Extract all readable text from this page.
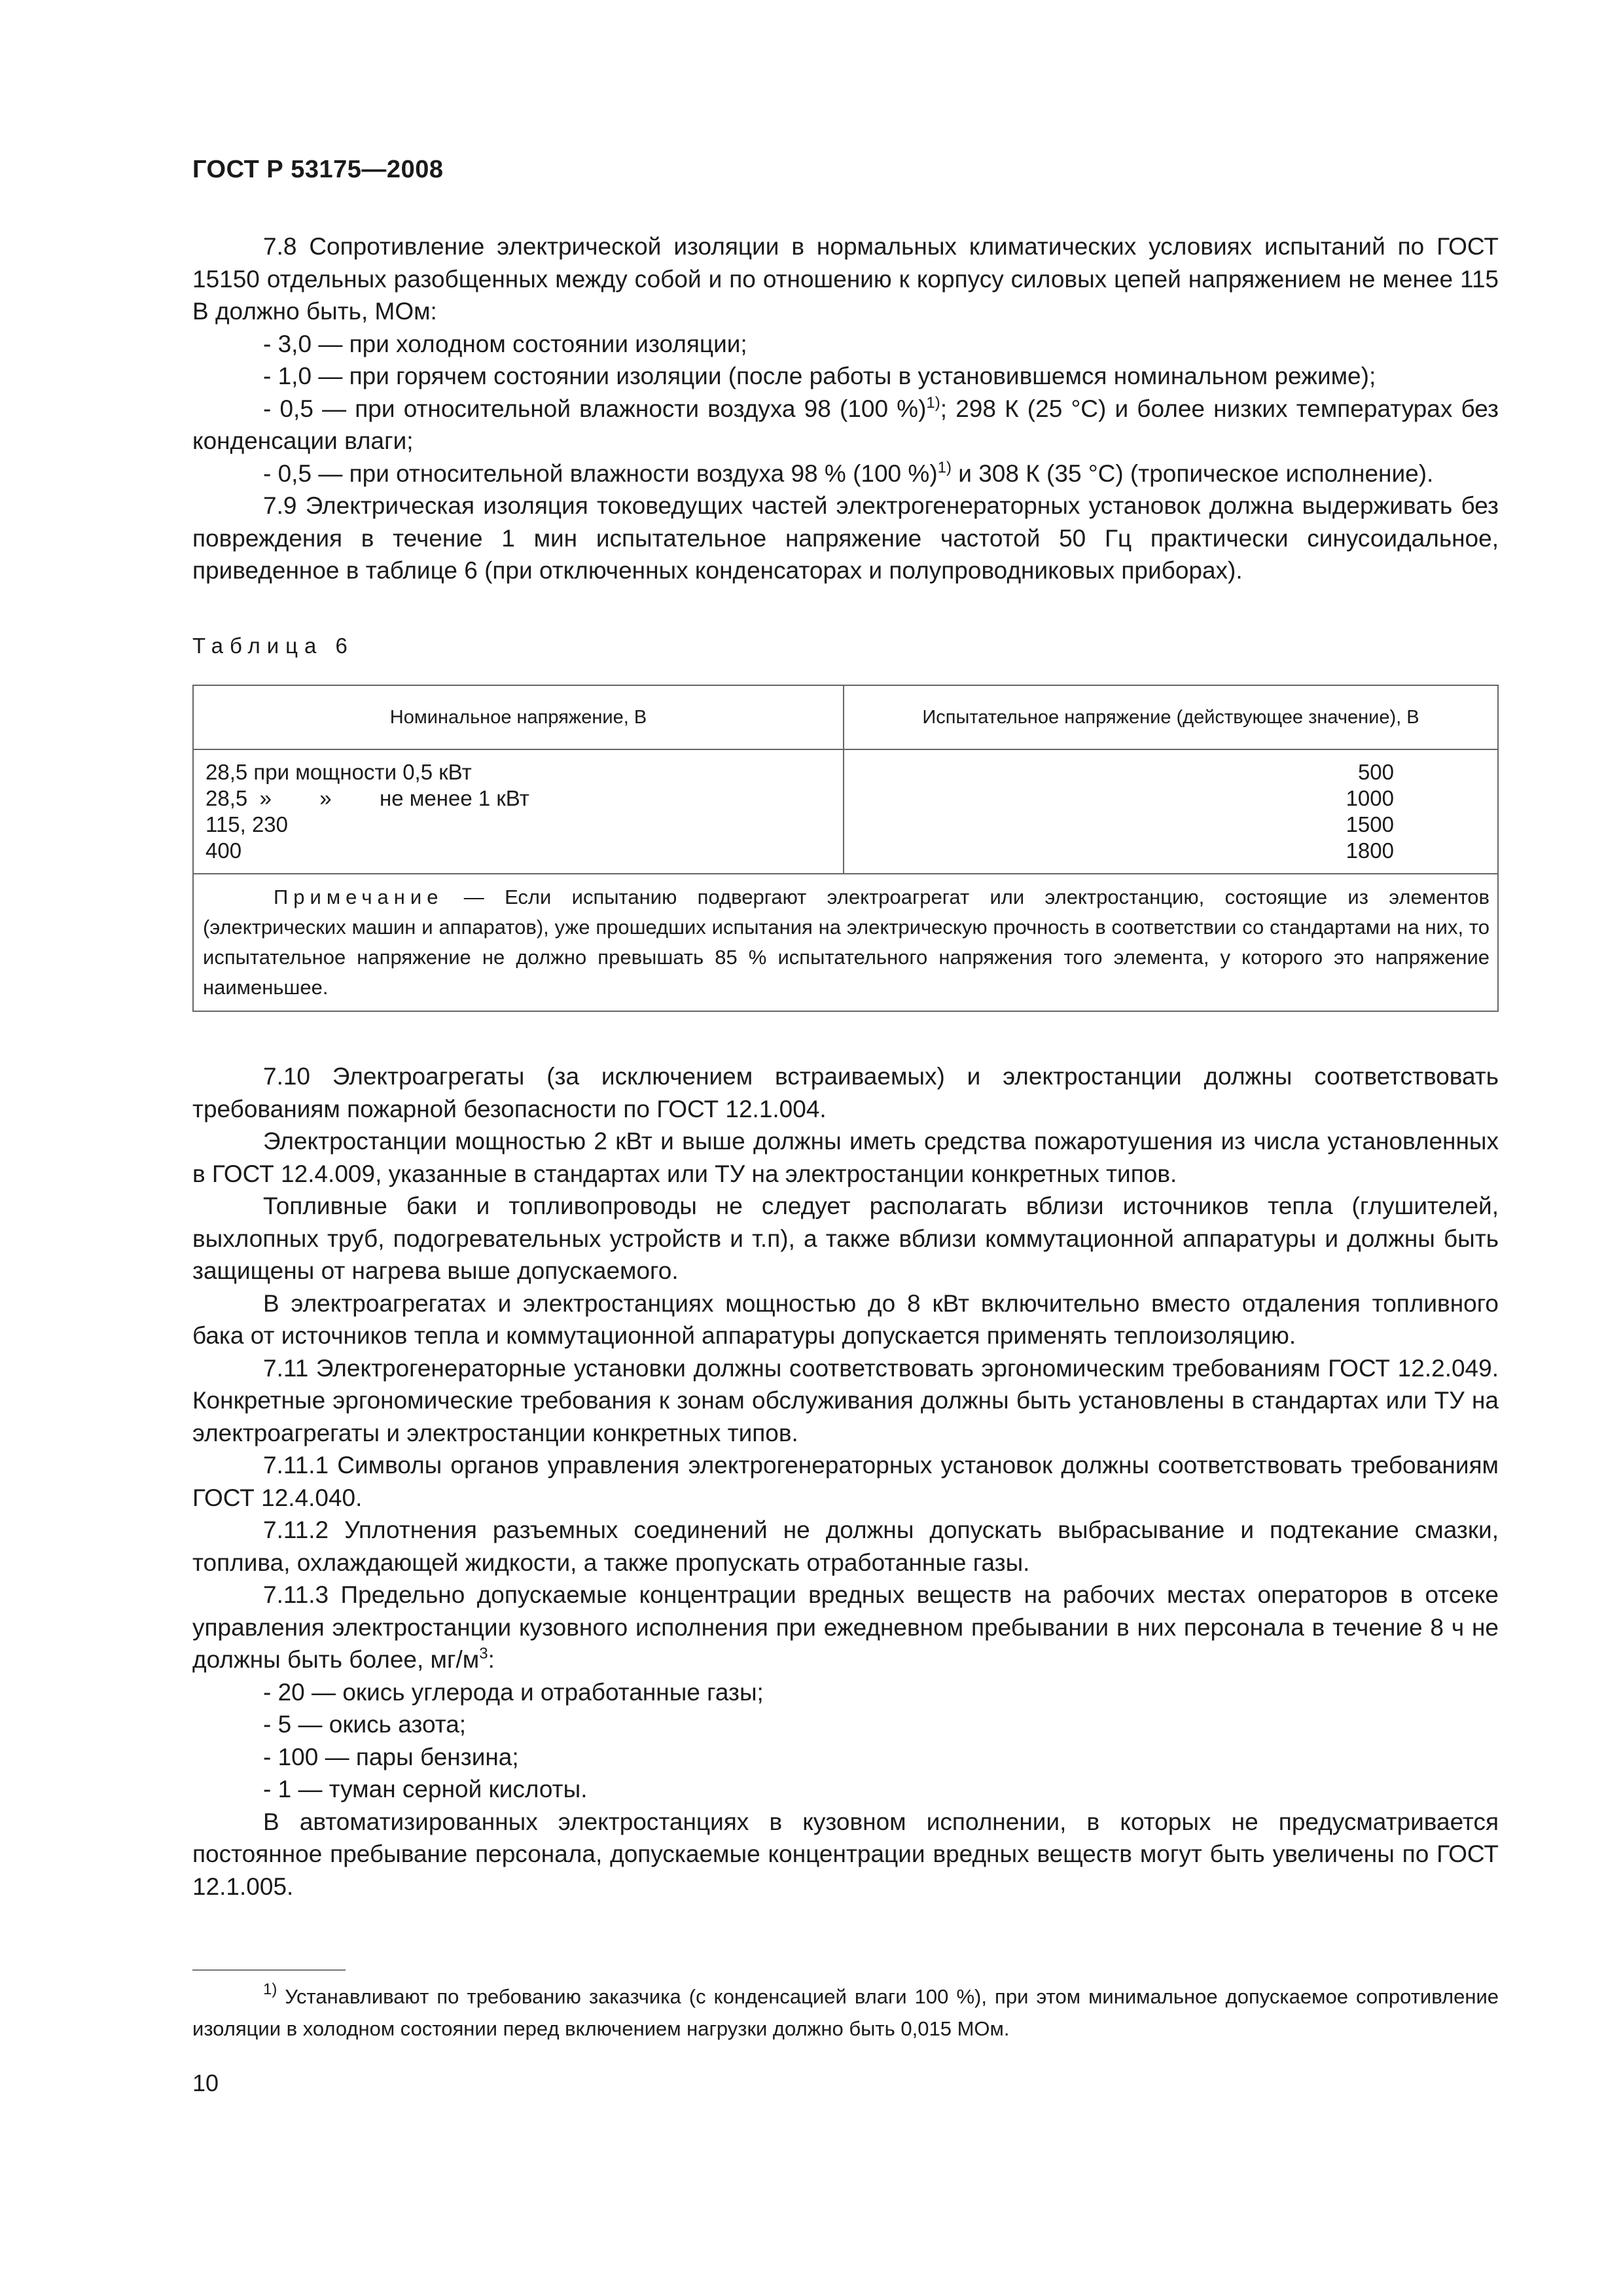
ГОСТ Р 53175—2008

7.8 Сопротивление электрической изоляции в нормальных климатических условиях испытаний по ГОСТ 15150 отдельных разобщенных между собой и по отношению к корпусу силовых цепей напряжением не менее 115 В должно быть, МОм:

- 3,0 — при холодном состоянии изоляции;

- 1,0 — при горячем состоянии изоляции (после работы в установившемся номинальном режиме);

- 0,5 — при относительной влажности воздуха 98 (100 %)$^{1)}$; 298 К (25 °С) и более низких температурах без конденсации влаги;

- 0,5 — при относительной влажности воздуха 98 % (100 %)$^{1)}$ и 308 К (35 °С) (тропическое исполнение).

7.9 Электрическая изоляция токоведущих частей электрогенераторных установок должна выдерживать без повреждения в течение 1 мин испытательное напряжение частотой 50 Гц практически синусоидальное, приведенное в таблице 6 (при отключенных конденсаторах и полупроводниковых приборах).

Таблица 6
Номинальное напряжение, В	Испытательное напряжение (действующее значение), В
28,5 при мощности 0,5 кВт
28,5  »        »        не менее 1 кВт
115, 230
400
500
1000
1500
1800
Примечание — Если испытанию подвергают электроагрегат или электростанцию, состоящие из элементов (электрических машин и аппаратов), уже прошедших испытания на электрическую прочность в соответствии со стандартами на них, то испытательное напряжение не должно превышать 85 % испытательного напряжения того элемента, у которого это напряжение наименьшее.

7.10 Электроагрегаты (за исключением встраиваемых) и электростанции должны соответствовать требованиям пожарной безопасности по ГОСТ 12.1.004.

Электростанции мощностью 2 кВт и выше должны иметь средства пожаротушения из числа установленных в ГОСТ 12.4.009, указанные в стандартах или ТУ на электростанции конкретных типов.

Топливные баки и топливопроводы не следует располагать вблизи источников тепла (глушителей, выхлопных труб, подогревательных устройств и т.п), а также вблизи коммутационной аппаратуры и должны быть защищены от нагрева выше допускаемого.

В электроагрегатах и электростанциях мощностью до 8 кВт включительно вместо отдаления топливного бака от источников тепла и коммутационной аппаратуры допускается применять теплоизоляцию.

7.11 Электрогенераторные установки должны соответствовать эргономическим требованиям ГОСТ 12.2.049. Конкретные эргономические требования к зонам обслуживания должны быть установлены в стандартах или ТУ на электроагрегаты и электростанции конкретных типов.

7.11.1 Символы органов управления электрогенераторных установок должны соответствовать требованиям ГОСТ 12.4.040.

7.11.2 Уплотнения разъемных соединений не должны допускать выбрасывание и подтекание смазки, топлива, охлаждающей жидкости, а также пропускать отработанные газы.

7.11.3 Предельно допускаемые концентрации вредных веществ на рабочих местах операторов в отсеке управления электростанции кузовного исполнения при ежедневном пребывании в них персонала в течение 8 ч не должны быть более, $мг/м^3$:

- 20 — окись углерода и отработанные газы;

- 5 — окись азота;

- 100 — пары бензина;

- 1 — туман серной кислоты.

В автоматизированных электростанциях в кузовном исполнении, в которых не предусматривается постоянное пребывание персонала, допускаемые концентрации вредных веществ могут быть увеличены по ГОСТ 12.1.005.

$^{1)}$ Устанавливают по требованию заказчика (с конденсацией влаги 100 %), при этом минимальное допускаемое сопротивление изоляции в холодном состоянии перед включением нагрузки должно быть 0,015 МОм.

10
